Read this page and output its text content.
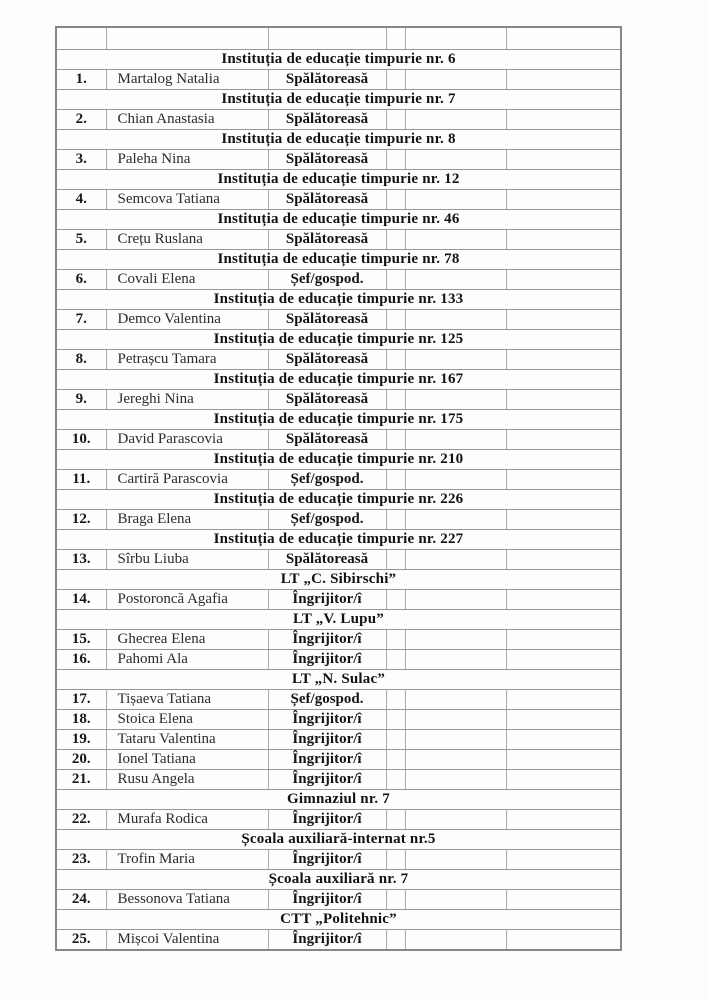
Instituția de educație timpurie nr. 6					
1.	Martalog Natalia	Spălătoreasă			
Instituția de educație timpurie nr. 7					
2.	Chian Anastasia	Spălătoreasă			
Instituția de educație timpurie nr. 8					
3.	Paleha Nina	Spălătoreasă			
Instituția de educație timpurie nr. 12					
4.	Semcova Tatiana	Spălătoreasă			
Instituția de educație timpurie nr. 46					
5.	Crețu Ruslana	Spălătoreasă			
Instituția de educație timpurie nr. 78					
6.	Covali Elena	Șef/gospod.			
Instituția de educație timpurie nr. 133					
7.	Demco Valentina	Spălătoreasă			
Instituția de educație timpurie nr. 125					
8.	Petrașcu Tamara	Spălătoreasă			
Instituția de educație timpurie nr. 167					
9.	Jereghi Nina	Spălătoreasă			
Instituția de educație timpurie nr. 175					
10.	David Parascovia	Spălătoreasă			
Instituția de educație timpurie nr. 210					
11.	Cartiră Parascovia	Șef/gospod.			
Instituția de educație timpurie nr. 226					
12.	Braga Elena	Șef/gospod.			
Instituția de educație timpurie nr. 227					
13.	Sîrbu Liuba	Spălătoreasă			
LT „C. Sibirschi”					
14.	Postoroncă Agafia	Îngrijitor/î			
LT „V. Lupu”					
15.	Ghecrea Elena	Îngrijitor/î			
16.	Pahomi Ala	Îngrijitor/î			
LT „N. Sulac”					
17.	Tișaeva Tatiana	Șef/gospod.			
18.	Stoica Elena	Îngrijitor/î			
19.	Tataru Valentina	Îngrijitor/î			
20.	Ionel Tatiana	Îngrijitor/î			
21.	Rusu Angela	Îngrijitor/î			
Gimnaziul nr. 7					
22.	Murafa Rodica	Îngrijitor/î			
Școala auxiliară-internat nr.5					
23.	Trofin Maria	Îngrijitor/î			
Școala auxiliară nr. 7					
24.	Bessonova Tatiana	Îngrijitor/î			
CTT „Politehnic”					
25.	Mișcoi Valentina	Îngrijitor/î			
